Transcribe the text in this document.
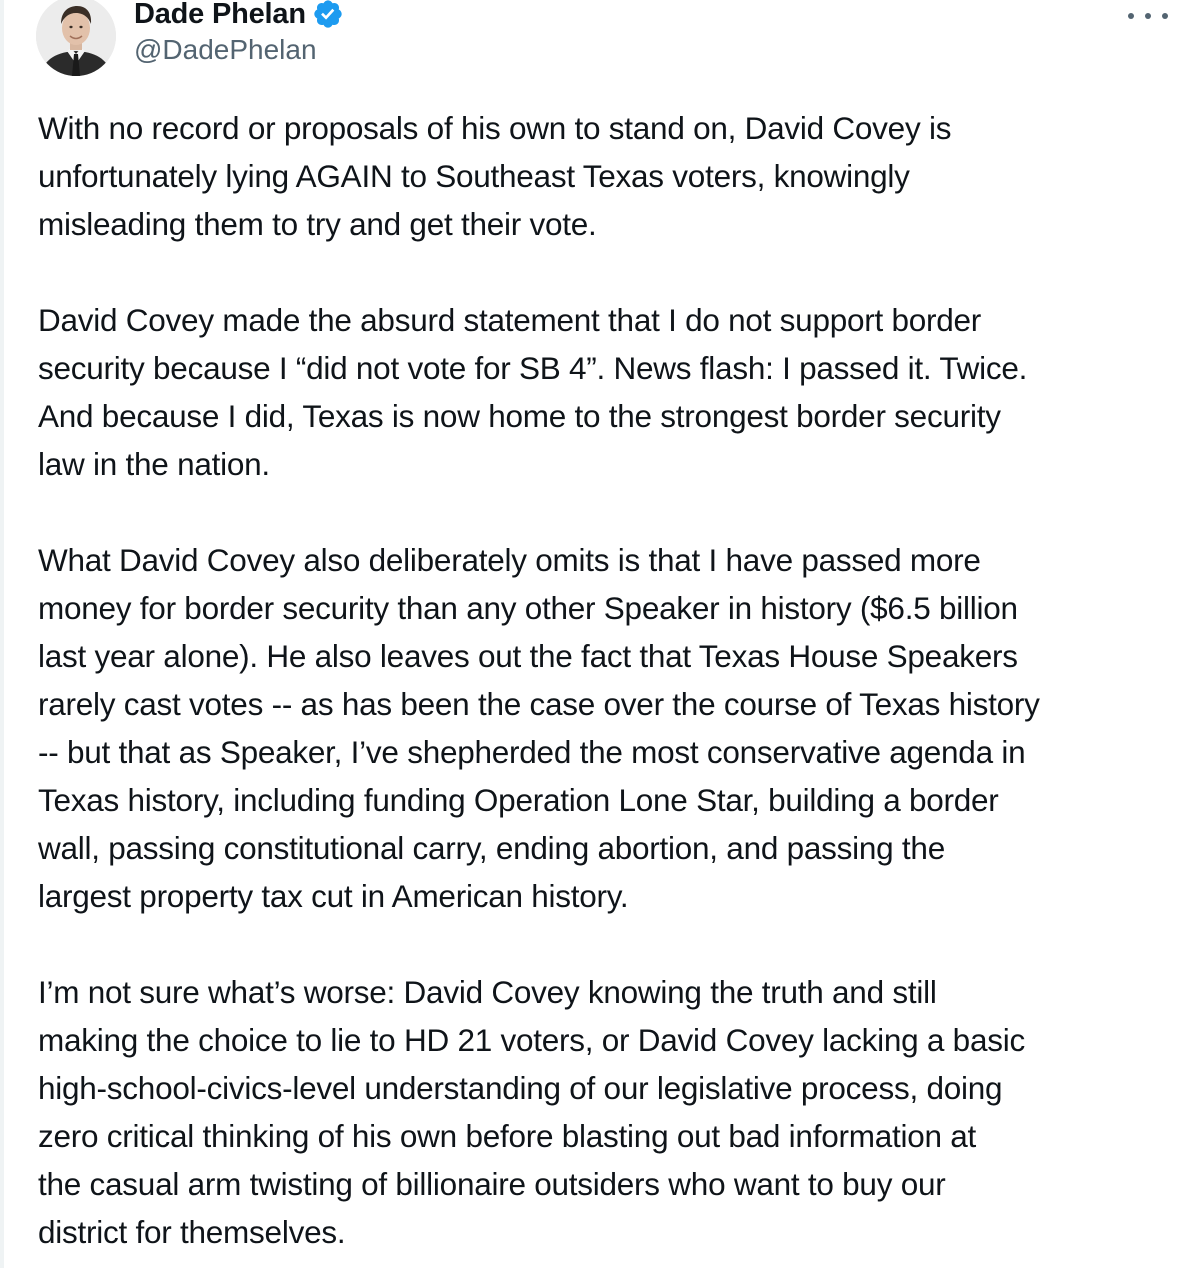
Dade Phelan
@DadePhelan

With no record or proposals of his own to stand on, David Covey is
unfortunately lying AGAIN to Southeast Texas voters, knowingly
misleading them to try and get their vote.

David Covey made the absurd statement that I do not support border
security because I “did not vote for SB 4”. News flash: I passed it. Twice.
And because I did, Texas is now home to the strongest border security
law in the nation.

What David Covey also deliberately omits is that I have passed more
money for border security than any other Speaker in history ($6.5 billion
last year alone). He also leaves out the fact that Texas House Speakers
rarely cast votes -- as has been the case over the course of Texas history
-- but that as Speaker, I’ve shepherded the most conservative agenda in
Texas history, including funding Operation Lone Star, building a border
wall, passing constitutional carry, ending abortion, and passing the
largest property tax cut in American history.

I’m not sure what’s worse: David Covey knowing the truth and still
making the choice to lie to HD 21 voters, or David Covey lacking a basic
high-school-civics-level understanding of our legislative process, doing
zero critical thinking of his own before blasting out bad information at
the casual arm twisting of billionaire outsiders who want to buy our
district for themselves.
